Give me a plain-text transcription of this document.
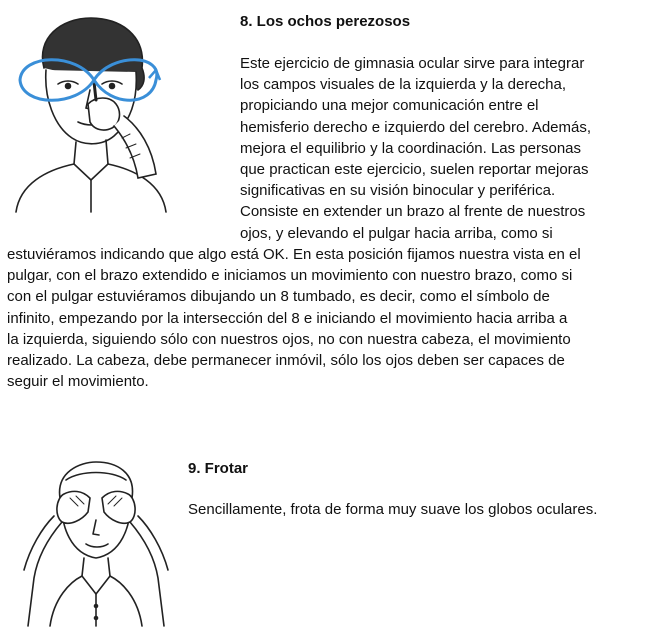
8. Los ochos perezosos
Este ejercicio de gimnasia ocular sirve para integrar
los campos visuales de la izquierda y la derecha,
propiciando una mejor comunicación entre el
hemisferio derecho e izquierdo del cerebro. Además,
mejora el equilibrio y la coordinación. Las personas
que practican este ejercicio, suelen reportar mejoras
significativas en su visión binocular y periférica.
Consiste en extender un brazo al frente de nuestros
ojos, y elevando el pulgar hacia arriba, como si
estuviéramos indicando que algo está OK. En esta posición fijamos nuestra vista en el
pulgar, con el brazo extendido e iniciamos un movimiento con nuestro brazo, como si
con el pulgar estuviéramos dibujando un 8 tumbado, es decir, como el símbolo de
infinito, empezando por la intersección del 8 e iniciando el movimiento hacia arriba a
la izquierda, siguiendo sólo con nuestros ojos, no con nuestra cabeza, el movimiento
realizado. La cabeza, debe permanecer inmóvil, sólo los ojos deben ser capaces de
seguir el movimiento.
9. Frotar
Sencillamente, frota de forma muy suave los globos oculares.
